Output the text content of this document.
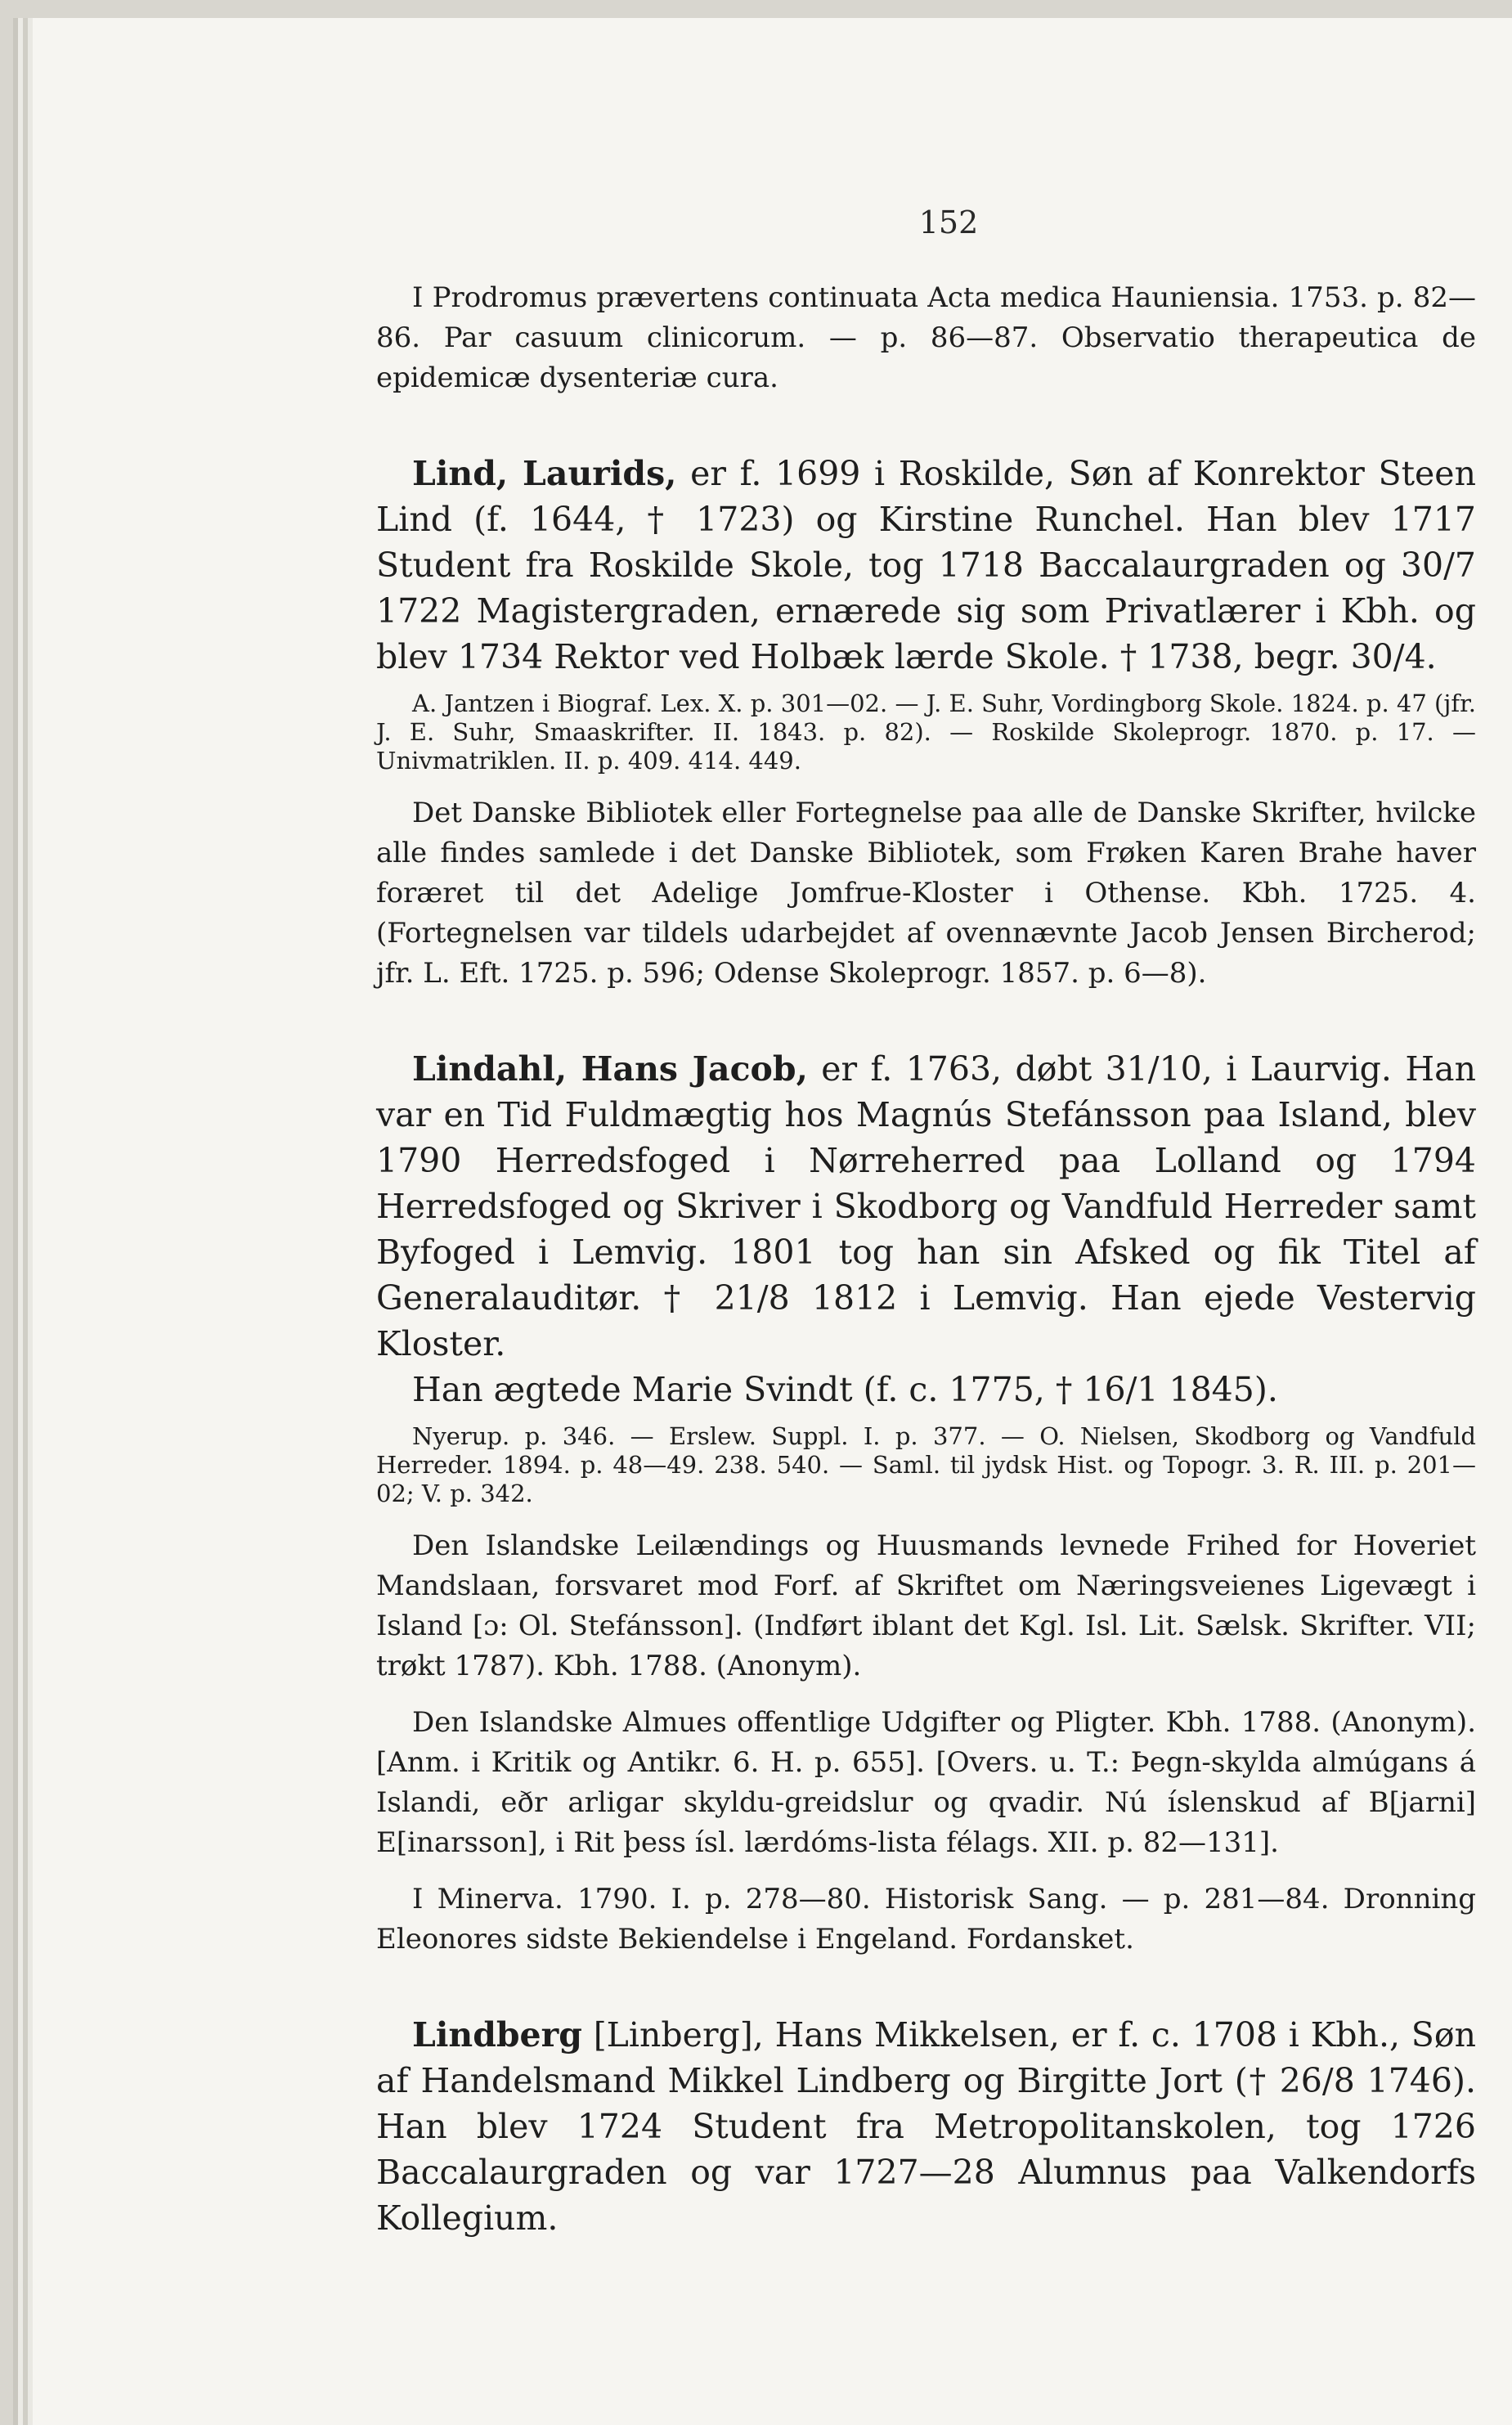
152

I Prodromus prævertens continuata Acta medica Hauniensia. 1753. p. 82—86. Par casuum clinicorum. — p. 86—87. Observatio therapeutica de epidemicæ dysenteriæ cura.

Lind, Laurids, er f. 1699 i Roskilde, Søn af Konrektor Steen Lind (f. 1644, † 1723) og Kirstine Runchel. Han blev 1717 Student fra Roskilde Skole, tog 1718 Baccalaurgraden og 30/7 1722 Magistergraden, ernærede sig som Privatlærer i Kbh. og blev 1734 Rektor ved Holbæk lærde Skole. † 1738, begr. 30/4.

A. Jantzen i Biograf. Lex. X. p. 301—02. — J. E. Suhr, Vordingborg Skole. 1824. p. 47 (jfr. J. E. Suhr, Smaaskrifter. II. 1843. p. 82). — Roskilde Skoleprogr. 1870. p. 17. — Univmatriklen. II. p. 409. 414. 449.

Det Danske Bibliotek eller Fortegnelse paa alle de Danske Skrifter, hvilcke alle findes samlede i det Danske Bibliotek, som Frøken Karen Brahe haver foræret til det Adelige Jomfrue-Kloster i Othense. Kbh. 1725. 4. (Fortegnelsen var tildels udarbejdet af ovennævnte Jacob Jensen Bircherod; jfr. L. Eft. 1725. p. 596; Odense Skoleprogr. 1857. p. 6—8).

Lindahl, Hans Jacob, er f. 1763, døbt 31/10, i Laurvig. Han var en Tid Fuldmægtig hos Magnús Stefánsson paa Island, blev 1790 Herredsfoged i Nørreherred paa Lolland og 1794 Herredsfoged og Skriver i Skodborg og Vandfuld Herreder samt Byfoged i Lemvig. 1801 tog han sin Afsked og fik Titel af Generalauditør. † 21/8 1812 i Lemvig. Han ejede Vestervig Kloster.

Han ægtede Marie Svindt (f. c. 1775, † 16/1 1845).

Nyerup. p. 346. — Erslew. Suppl. I. p. 377. — O. Nielsen, Skodborg og Vandfuld Herreder. 1894. p. 48—49. 238. 540. — Saml. til jydsk Hist. og Topogr. 3. R. III. p. 201—02; V. p. 342.

Den Islandske Leilændings og Huusmands levnede Frihed for Hoveriet Mandslaan, forsvaret mod Forf. af Skriftet om Næringsveienes Ligevægt i Island [ɔ: Ol. Stefánsson]. (Indført iblant det Kgl. Isl. Lit. Sælsk. Skrifter. VII; trøkt 1787). Kbh. 1788. (Anonym).

Den Islandske Almues offentlige Udgifter og Pligter. Kbh. 1788. (Anonym). [Anm. i Kritik og Antikr. 6. H. p. 655]. [Overs. u. T.: Þegn-skylda almúgans á Islandi, eðr arligar skyldu-greidslur og qvadir. Nú íslenskud af B[jarni] E[inarsson], i Rit þess ísl. lærdóms-lista félags. XII. p. 82—131].

I Minerva. 1790. I. p. 278—80. Historisk Sang. — p. 281—84. Dronning Eleonores sidste Bekiendelse i Engeland. Fordansket.

Lindberg [Linberg], Hans Mikkelsen, er f. c. 1708 i Kbh., Søn af Handelsmand Mikkel Lindberg og Birgitte Jort († 26/8 1746). Han blev 1724 Student fra Metropolitanskolen, tog 1726 Baccalaurgraden og var 1727—28 Alumnus paa Valkendorfs Kollegium.
